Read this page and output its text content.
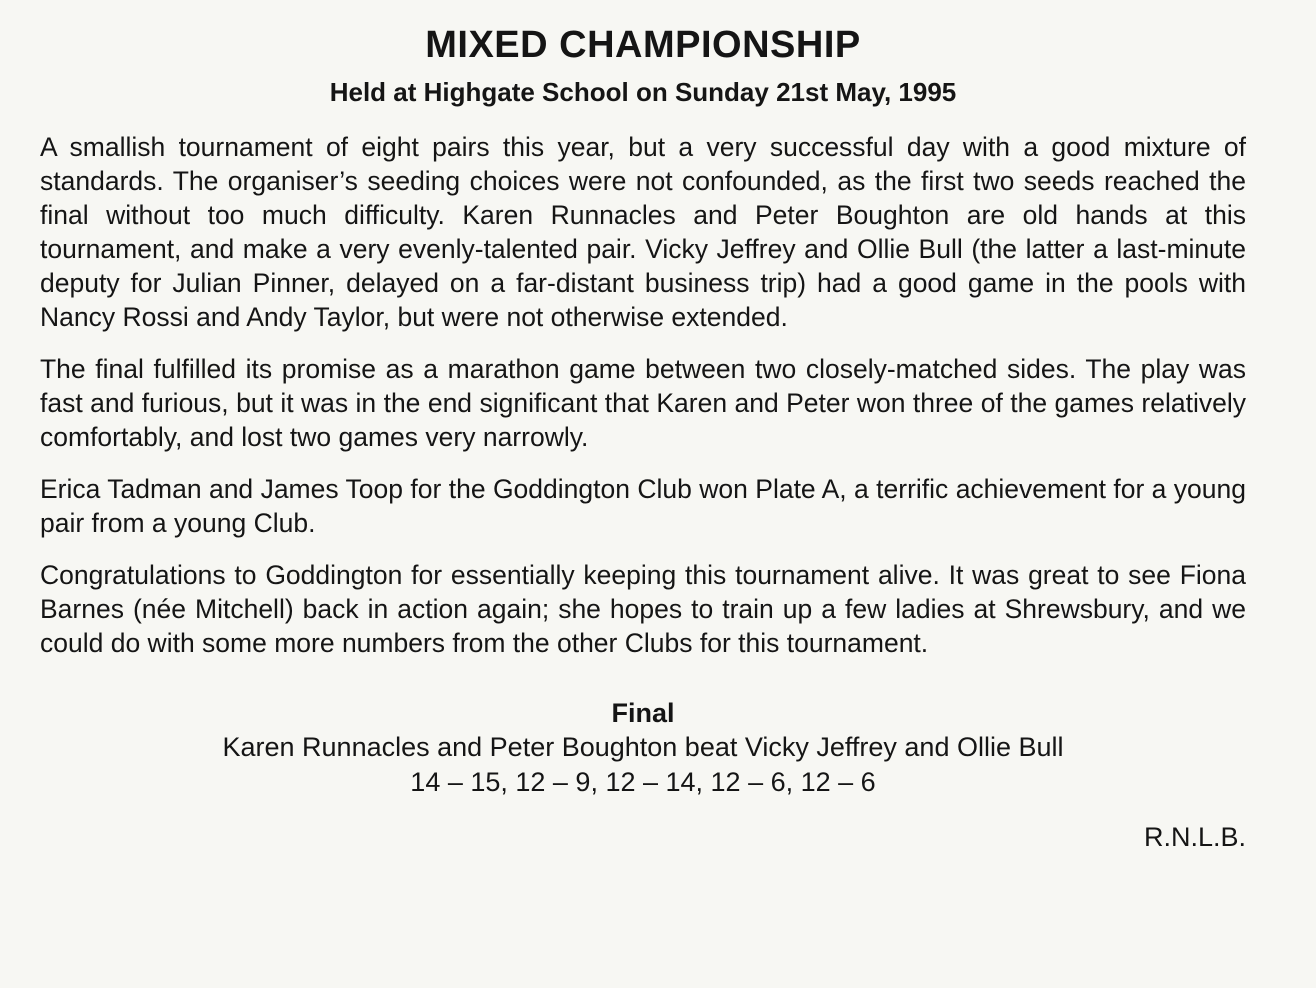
MIXED CHAMPIONSHIP

Held at Highgate School on Sunday 21st May, 1995

A smallish tournament of eight pairs this year, but a very successful day with a good mixture of standards. The organiser’s seeding choices were not confounded, as the first two seeds reached the final without too much difficulty. Karen Runnacles and Peter Boughton are old hands at this tournament, and make a very evenly-talented pair. Vicky Jeffrey and Ollie Bull (the latter a last-minute deputy for Julian Pinner, delayed on a far-distant business trip) had a good game in the pools with Nancy Rossi and Andy Taylor, but were not otherwise extended.

The final fulfilled its promise as a marathon game between two closely-matched sides. The play was fast and furious, but it was in the end significant that Karen and Peter won three of the games relatively comfortably, and lost two games very narrowly.

Erica Tadman and James Toop for the Goddington Club won Plate A, a terrific achievement for a young pair from a young Club.

Congratulations to Goddington for essentially keeping this tournament alive. It was great to see Fiona Barnes (née Mitchell) back in action again; she hopes to train up a few ladies at Shrewsbury, and we could do with some more numbers from the other Clubs for this tournament.

Final

Karen Runnacles and Peter Boughton beat Vicky Jeffrey and Ollie Bull

14 – 15, 12 – 9, 12 – 14, 12 – 6, 12 – 6

R.N.L.B.
